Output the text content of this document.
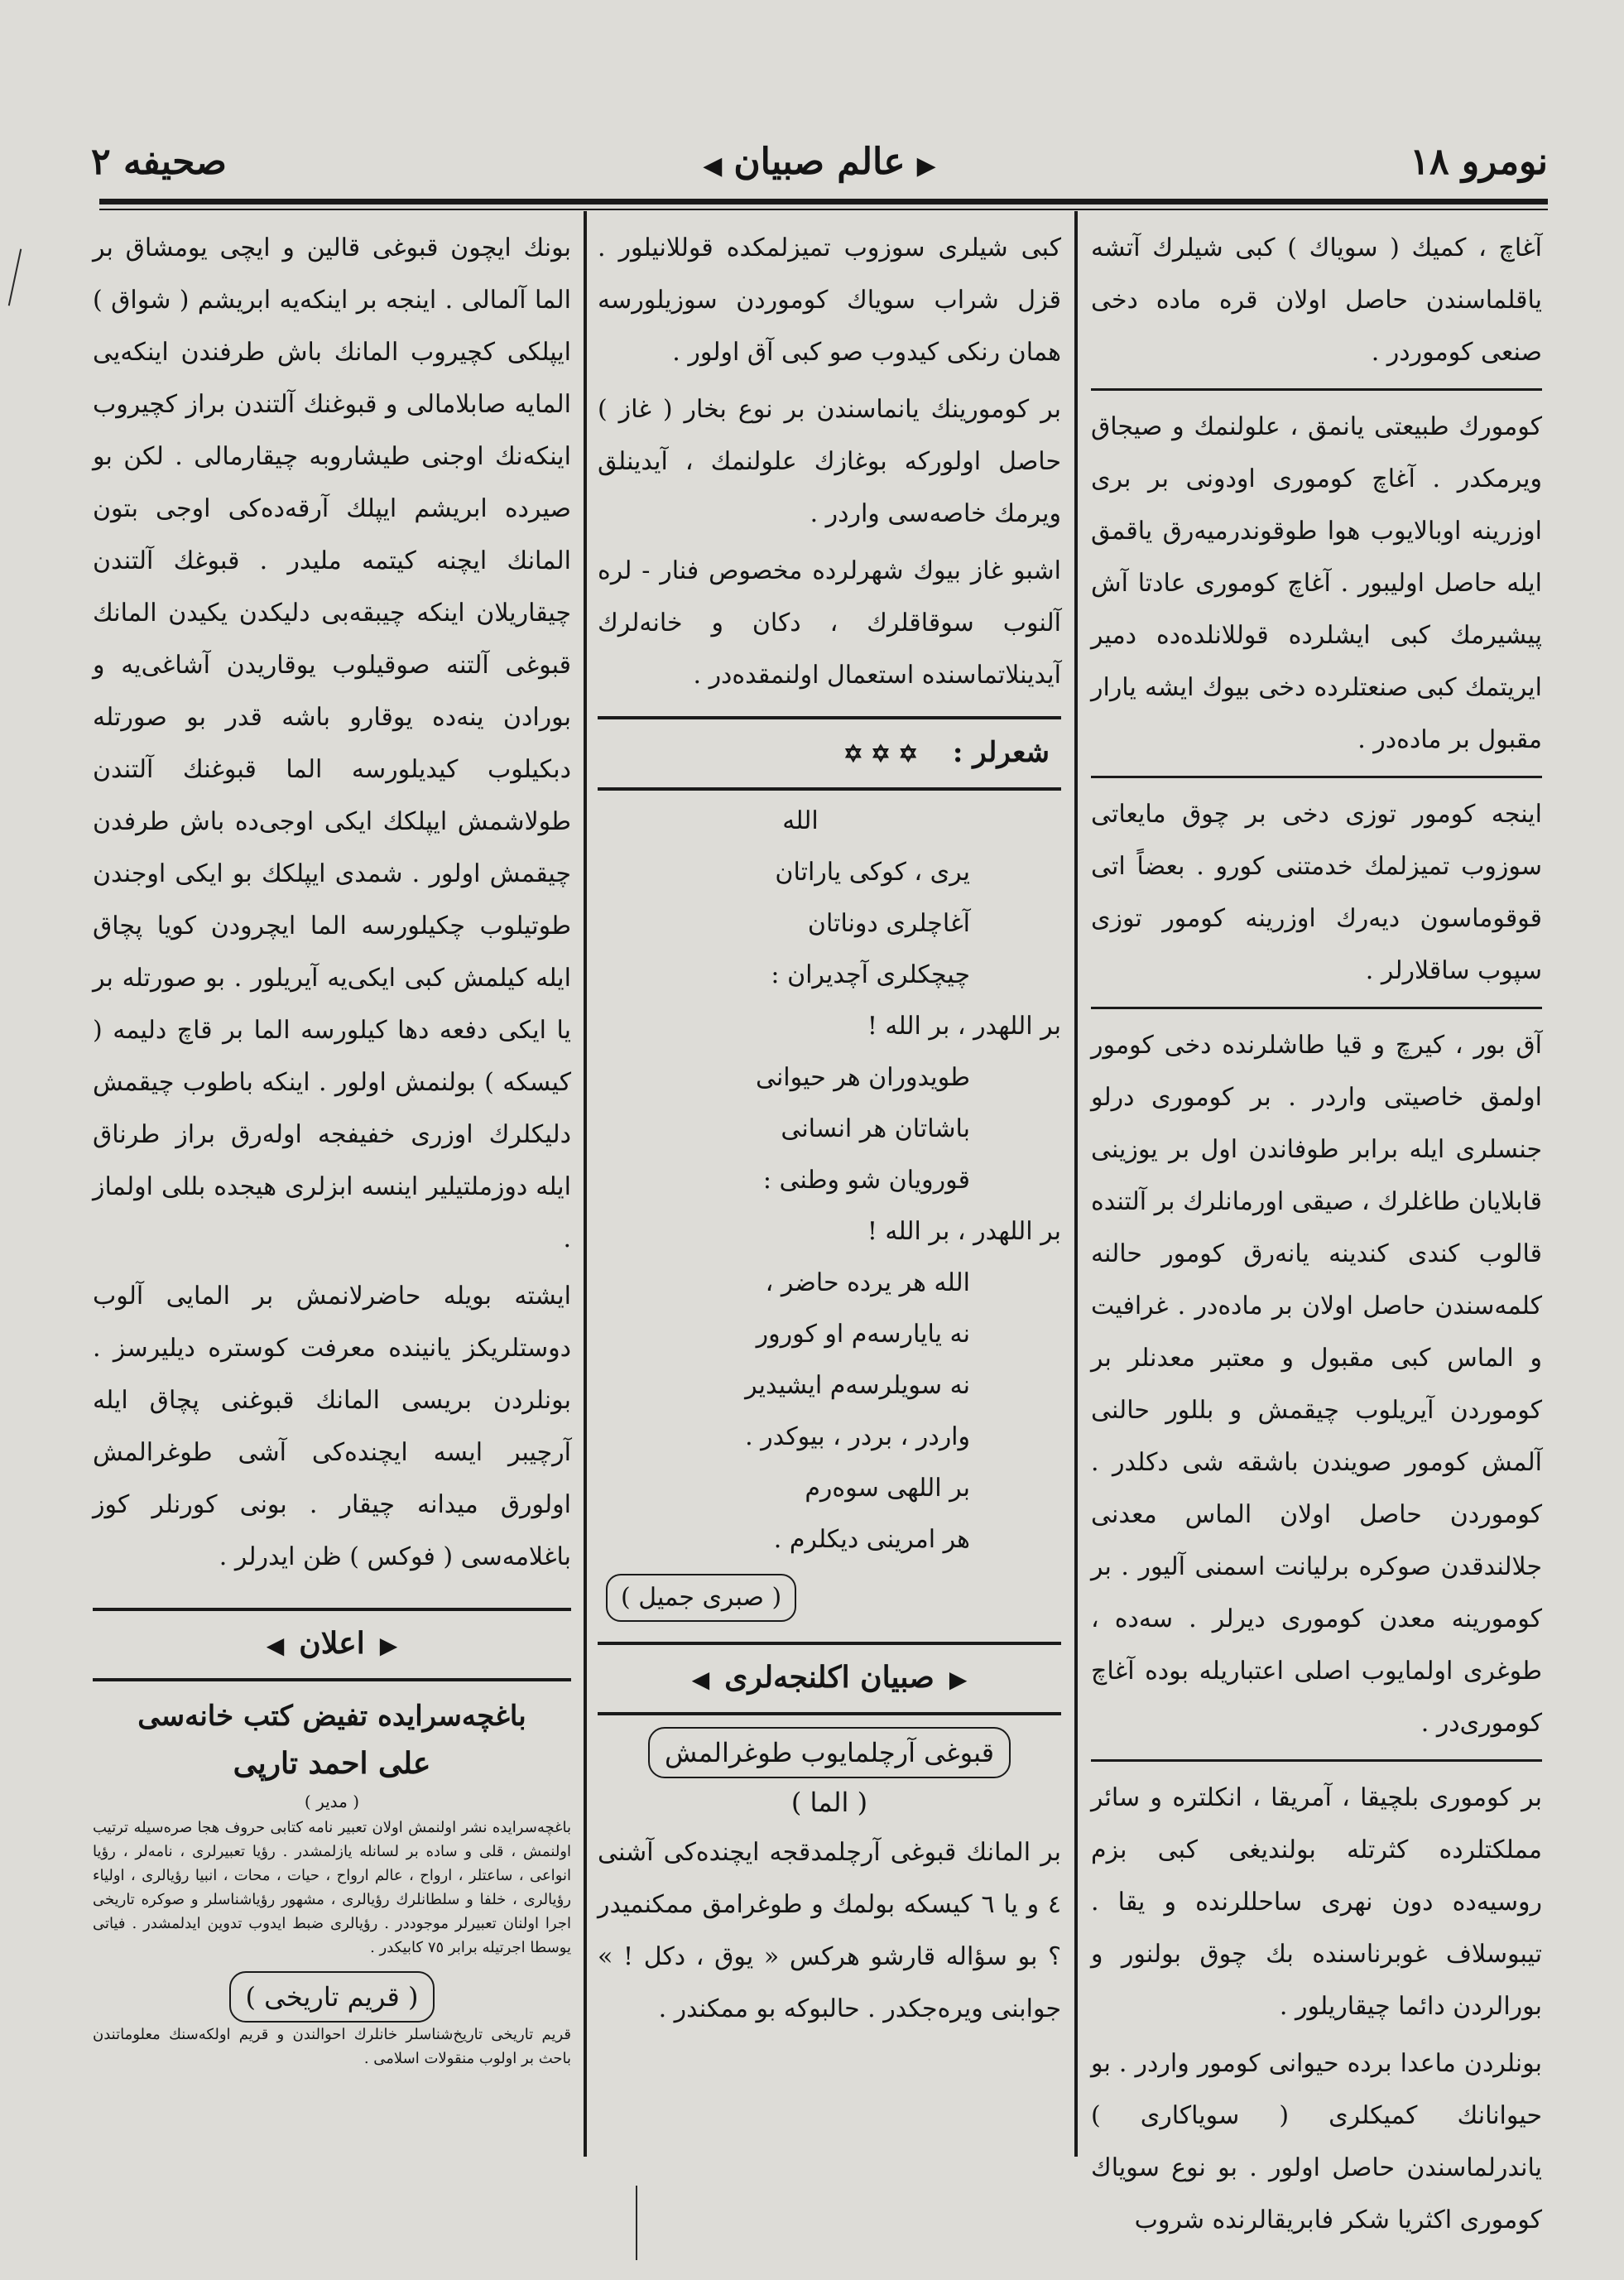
نومرو ۱۸
▶عالم صبيان◀
صحيفه ۲

آغاچ ، كميك ( سوياك ) كبی شيلرك آتشه ياقلماسندن حاصل اولان قره ماده دخی صنعی كوموردر .

كومورك طبيعتی يانمق ، علولنمك و صيجاق ويرمكدر . آغاچ كوموری اودونی بر بری اوزرينه اوبالايوب هوا طوقوندرميه‌رق ياقمق ايله حاصل اوليبور . آغاچ كوموری عادتا آش پيشيرمك كبی ايشلرده قوللانلدەده دمير ايريتمك كبی صنعتلرده دخی بيوك ايشه يارار مقبول بر ماده‌در .

اينجه كومور توزی دخی بر چوق مايعاتی سوزوب تميزلمك خدمتنی كورو . بعضاً اتی قوقوماسون ديه‌رك اوزرينه كومور توزی سپوب ساقلارلر .

آق بور ، كيرچ و قيا طاشلرنده دخی كومور اولمق خاصيتی واردر . بر كوموری درلو جنسلری ايله برابر طوفاندن اول بر يوزينی قابلايان طاغلرك ، صيقی اورمانلرك بر آلتنده قالوب كندی كندينه يانه‌رق كومور حالنه كلمه‌سندن حاصل اولان بر ماده‌در . غرافيت و الماس كبی مقبول و معتبر معدنلر بر كوموردن آيريلوب چيقمش و بللور حالنی آلمش كومور صويندن باشقه شی دكلدر . كوموردن حاصل اولان الماس معدنی جلالندقدن صوكره برليانت اسمنی آليور . بر كومورينه معدن كوموری ديرلر . سه‌ده ، طوغری اولمايوب اصلی اعتباريله بوده آغاچ كوموری‌در .

بر كوموری بلچيقا ، آمريقا ، انكلتره و سائر مملكتلرده كثرتله بولنديغی كبی بزم روسيه‌ده دون نهری ساحللرنده و يقا . تيبوسلاف غوبرناسنده بك چوق بولنور و بورالردن دائما چيقاريلور .

بونلردن ماعدا برده حيوانی كومور واردر . بو حيوانانك كميكلری ( سوياكاری ) ياندرلماسندن حاصل اولور . بو نوع سوياك كوموری اكثريا شكر فابريقالرنده شروب

كبی شيلری سوزوب تميزلمكده قوللانيلور . قزل شراب سوياك كوموردن سوزيلورسه همان رنكی كيدوب صو كبی آق اولور .

بر كومورينك يانماسندن بر نوع بخار ( غاز ) حاصل اولوركه بوغازك علولنمك ، آيدينلق ويرمك خاصه‌سی واردر .

اشبو غاز بيوك شهرلرده مخصوص فنار - لره آلنوب سوقاقلرك ، دكان و خانه‌لرك آيدينلاتماسنده استعمال اولنمقده‌در .

شعرلر : ✡ ✡ ✡
الله
يری ، كوكی ياراتان
آغاچلری دوناتان
چيچكلری آچديران :
بر اللهدر ، بر الله !
طويدوران هر حيوانی
باشاتان هر انسانی
قورويان شو وطنی :
بر اللهدر ، بر الله !
الله هر يرده حاضر ،
نه يايارسه‌م او كورور
نه سويلرسه‌م ايشيدير
واردر ، بردر ، بيوكدر .
بر اللهی سوه‌رم
هر امرينی ديكلرم .
( صبری جميل )
▶صبيان اكلنجه‌لری◀
قبوغی آرچلمايوب طوغرالمش
( الما )

بر المانك قبوغی آرچلمدقجه ايچنده‌كی آشنی ٤ و يا ٦ كيسكه بولمك و طوغرامق ممكنميدر ؟ بو سؤاله قارشو هركس « يوق ، دكل ! » جوابنی ويره‌جكدر . حالبوكه بو ممكندر .

بونك ايچون قبوغی قالين و ايچی يومشاق بر الما آلمالی . اينجه بر اينكه‌يه ابريشم ( شواق ) ايپلكی كچيروب المانك باش طرفندن اينكه‌يی الما‌يه صابلامالی و قبوغنك آلتندن براز كچيروب اينكه‌نك اوجنی طيشاروبه چيقارمالی . لكن بو صيرده ابريشم ايپلك آرقه‌ده‌كی اوجی بتون المانك ايچنه كيتمه‌ ملیدر . قبوغك آلتندن چيقاريلان اينكه چيبقه‌بی دليكدن يكيدن المانك قبوغی آلتنه صوقيلوب يوقاريدن آشاغی‌يه و بورادن ينه‌ده يوقارو باشه قدر بو صورتله دبكيلوب كيديلورسه الما قبوغنك آلتندن طولاشمش ايپلكك ايكی اوجی‌ده باش طرفدن چيقمش اولور . شمدی ايپلكك بو ايكی اوجندن طوتيلوب چكيلورسه الما ايچرودن كويا پچاق ايله كيلمش كبی ايكی‌يه آيريلور . بو صورتله بر يا ايكی دفعه دها كيلورسه الما بر قاچ دليمه ( كيسكه ) بولنمش اولور . اينكه باطوب چيقمش دليكلرك اوزری خفيفجه اوله‌رق براز طرناق ايله دوزملتيلير اينسه ابزلری هيجده بللی اولماز .

ايشته بويله حاضرلانمش بر المايی آلوب دوستلريكز يانينده معرفت كوستره ديليرسز . بونلردن بريسی المانك قبوغنی پچاق ايله آرچيبر ايسه ايچنده‌كی آشی طوغرالمش اولورق ميدانه چيقار . بونی كورنلر كوز باغلامه‌سی ( فوكس ) ظن ايدرلر .

▶اعلان◀
باغچه‌سرايده تفيض كتب خانه‌سی
علی احمد تارپی
( مدير )
باغچه‌سرايده نشر اولنمش اولان تعبير نامه كتابی حروف هجا صره‌سيله ترتيب اولنمش ، قلی و ساده بر لسانله يازلمشدر . رؤيا تعبيرلری ، نامه‌لر ، رؤيا انواعی ، ساعتلر ، ارواح ، عالم ارواح ، حيات ، محات ، انبيا رؤيالری ، اولياء رؤيالری ، خلفا و سلطانلرك رؤيالری ، مشهور رؤياشناسلر و صوكره تاريخی اجرا اولنان تعبيرلر موجوددر . رؤيالری ضبط ايدوب تدوين ايدلمشدر . فياتی يوسطا اجرتيله برابر ٧٥ كابيكدر .
( قريم تاريخی )
قريم تاريخی تاريخ‌شناسلر خانلرك احوالندن و قريم اولكه‌سنك معلوماتندن باحث بر اولوب منقولات اسلامی .
